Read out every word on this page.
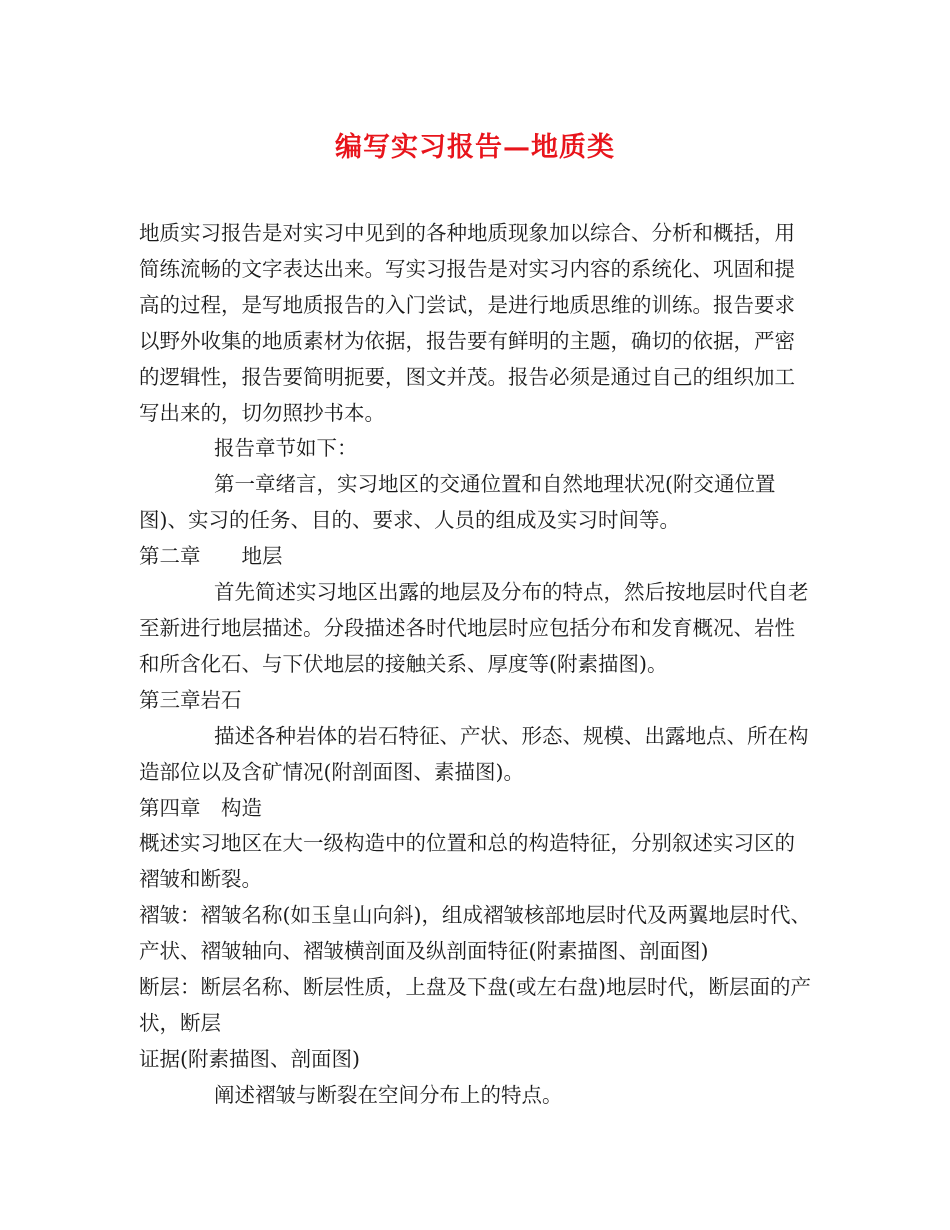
编写实习报告—地质类

地质实习报告是对实习中见到的各种地质现象加以综合、分析和概括，用简练流畅的文字表达出来。写实习报告是对实习内容的系统化、巩固和提高的过程，是写地质报告的入门尝试，是进行地质思维的训练。报告要求以野外收集的地质素材为依据，报告要有鲜明的主题，确切的依据，严密的逻辑性，报告要简明扼要，图文并茂。报告必须是通过自己的组织加工写出来的，切勿照抄书本。

报告章节如下：

第一章绪言，实习地区的交通位置和自然地理状况(附交通位置图)、实习的任务、目的、要求、人员的组成及实习时间等。

第二章　　地层

首先简述实习地区出露的地层及分布的特点，然后按地层时代自老至新进行地层描述。分段描述各时代地层时应包括分布和发育概况、岩性和所含化石、与下伏地层的接触关系、厚度等(附素描图)。

第三章岩石

描述各种岩体的岩石特征、产状、形态、规模、出露地点、所在构造部位以及含矿情况(附剖面图、素描图)。

第四章　构造

概述实习地区在大一级构造中的位置和总的构造特征，分别叙述实习区的褶皱和断裂。

褶皱：褶皱名称(如玉皇山向斜)，组成褶皱核部地层时代及两翼地层时代、产状、褶皱轴向、褶皱横剖面及纵剖面特征(附素描图、剖面图)

断层：断层名称、断层性质，上盘及下盘(或左右盘)地层时代，断层面的产状，断层

证据(附素描图、剖面图)

阐述褶皱与断裂在空间分布上的特点。
